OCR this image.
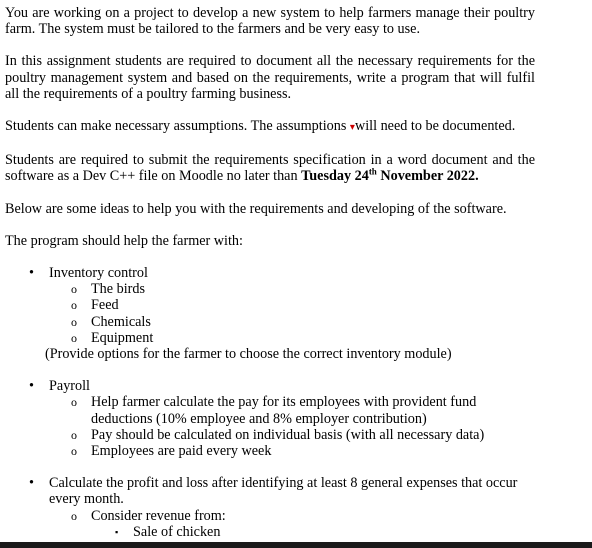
You are working on a project to develop a new system to help farmers manage their poultry farm. The system must be tailored to the farmers and be very easy to use.

In this assignment students are required to document all the necessary requirements for the poultry management system and based on the requirements, write a program that will fulfil all the requirements of a poultry farming business.

Students can make necessary assumptions. The assumptions ▾will need to be documented.

Students are required to submit the requirements specification in a word document and the software as a Dev C++ file on Moodle no later than Tuesday 24th November 2022.

Below are some ideas to help you with the requirements and developing of the software.

The program should help the farmer with:

• Inventory control
o The birds
o Feed
o Chemicals
o Equipment
(Provide options for the farmer to choose the correct inventory module)
• Payroll
o Help farmer calculate the pay for its employees with provident fund deductions (10% employee and 8% employer contribution)
o Pay should be calculated on individual basis (with all necessary data)
o Employees are paid every week
• Calculate the profit and loss after identifying at least 8 general expenses that occur every month.
o Consider revenue from:
▪ Sale of chicken
